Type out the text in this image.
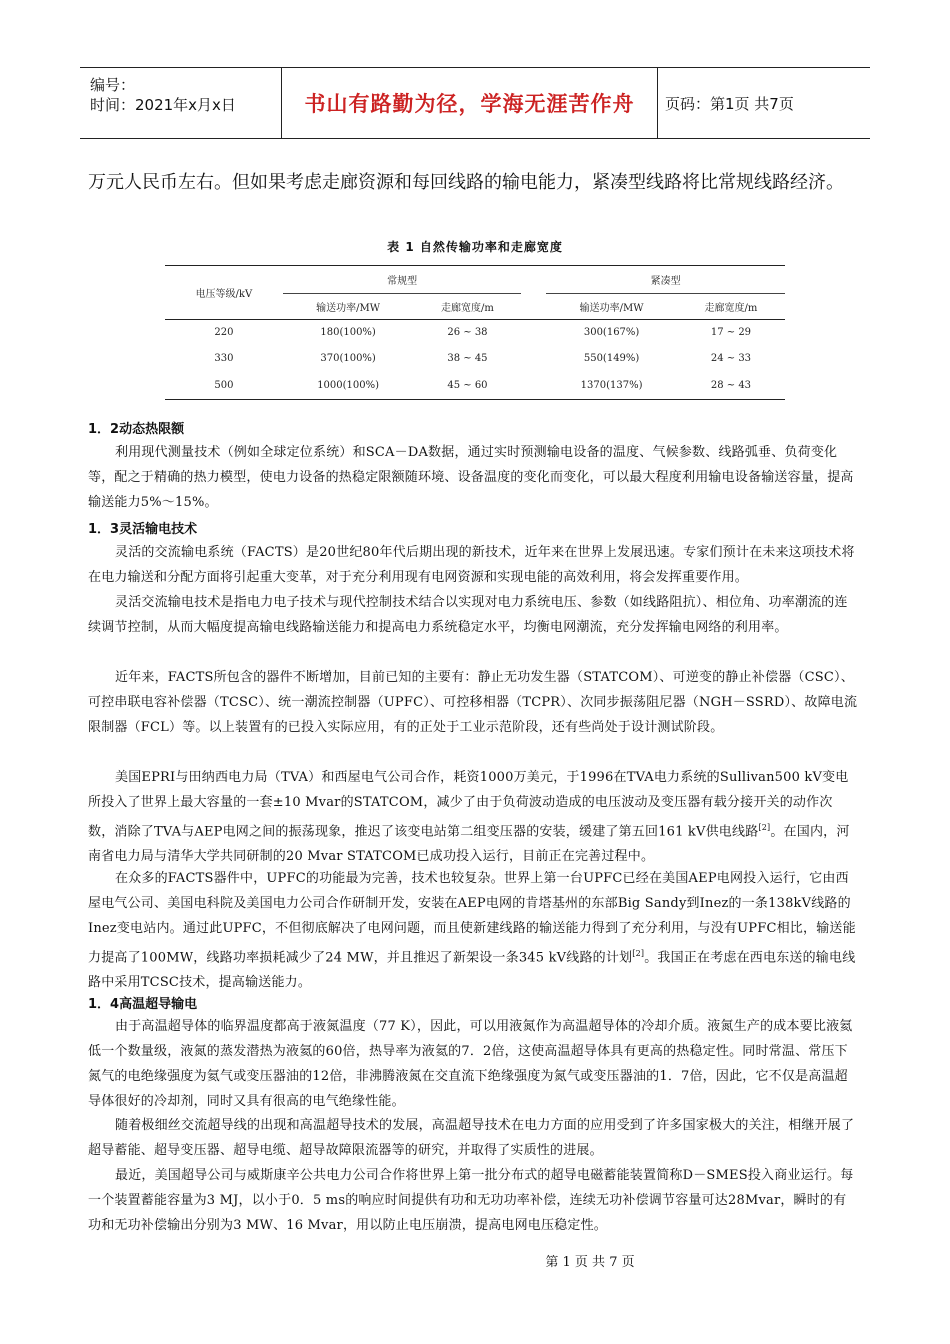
编号：
时间：2021年x月x日	书山有路勤为径，学海无涯苦作舟 页码：第1页 共7页
万元人民币左右。但如果考虑走廊资源和每回线路的输电能力，紧凑型线路将比常规线路经济。
表 1 自然传输功率和走廊宽度
电压等级/kV	常规型			紧凑型	
	输送功率/MW	走廊宽度/m		输送功率/MW	走廊宽度/m
220	180(100%)	26 ~ 38		300(167%)	17 ~ 29
330	370(100%)	38 ~ 45		550(149%)	24 ~ 33
500	1000(100%)	45 ~ 60		1370(137%)	28 ~ 43
1．2动态热限额
利用现代测量技术（例如全球定位系统）和SCA－DA数据，通过实时预测输电设备的温度、气候参数、线路弧垂、负荷变化等，配之于精确的热力模型，使电力设备的热稳定限额随环境、设备温度的变化而变化，可以最大程度利用输电设备输送容量，提高输送能力5%～15%。
1．3灵活输电技术
灵活的交流输电系统（FACTS）是20世纪80年代后期出现的新技术，近年来在世界上发展迅速。专家们预计在未来这项技术将在电力输送和分配方面将引起重大变革，对于充分利用现有电网资源和实现电能的高效利用，将会发挥重要作用。
灵活交流输电技术是指电力电子技术与现代控制技术结合以实现对电力系统电压、参数（如线路阻抗）、相位角、功率潮流的连续调节控制，从而大幅度提高输电线路输送能力和提高电力系统稳定水平，均衡电网潮流，充分发挥输电网络的利用率。
近年来，FACTS所包含的器件不断增加，目前已知的主要有：静止无功发生器（STATCOM）、可逆变的静止补偿器（CSC）、可控串联电容补偿器（TCSC）、统一潮流控制器（UPFC）、可控移相器（TCPR）、次同步振荡阻尼器（NGH－SSRD）、故障电流限制器（FCL）等。以上装置有的已投入实际应用，有的正处于工业示范阶段，还有些尚处于设计测试阶段。
美国EPRI与田纳西电力局（TVA）和西屋电气公司合作，耗资1000万美元，于1996在TVA电力系统的Sullivan500 kV变电所投入了世界上最大容量的一套±10 Mvar的STATCOM，减少了由于负荷波动造成的电压波动及变压器有载分接开关的动作次数，消除了TVA与AEP电网之间的振荡现象，推迟了该变电站第二组变压器的安装，缓建了第五回161 kV供电线路[2]。在国内，河南省电力局与清华大学共同研制的20 Mvar STATCOM已成功投入运行，目前正在完善过程中。
在众多的FACTS器件中，UPFC的功能最为完善，技术也较复杂。世界上第一台UPFC已经在美国AEP电网投入运行，它由西屋电气公司、美国电科院及美国电力公司合作研制开发，安装在AEP电网的肯塔基州的东部Big Sandy到Inez的一条138kV线路的Inez变电站内。通过此UPFC，不但彻底解决了电网问题，而且使新建线路的输送能力得到了充分利用，与没有UPFC相比，输送能力提高了100MW，线路功率损耗减少了24 MW，并且推迟了新架设一条345 kV线路的计划[2]。我国正在考虑在西电东送的输电线路中采用TCSC技术，提高输送能力。
1．4高温超导输电
由于高温超导体的临界温度都高于液氮温度（77 K），因此，可以用液氮作为高温超导体的冷却介质。液氮生产的成本要比液氦低一个数量级，液氮的蒸发潜热为液氦的60倍，热导率为液氦的7．2倍，这使高温超导体具有更高的热稳定性。同时常温、常压下氮气的电绝缘强度为氦气或变压器油的12倍，非沸腾液氮在交直流下绝缘强度为氮气或变压器油的1．7倍，因此，它不仅是高温超导体很好的冷却剂，同时又具有很高的电气绝缘性能。
随着极细丝交流超导线的出现和高温超导技术的发展，高温超导技术在电力方面的应用受到了许多国家极大的关注，相继开展了超导蓄能、超导变压器、超导电缆、超导故障限流器等的研究，并取得了实质性的进展。
最近，美国超导公司与威斯康辛公共电力公司合作将世界上第一批分布式的超导电磁蓄能装置简称D－SMES投入商业运行。每一个装置蓄能容量为3 MJ，以小于0．5 ms的响应时间提供有功和无功功率补偿，连续无功补偿调节容量可达28Mvar，瞬时的有功和无功补偿输出分别为3 MW、16 Mvar，用以防止电压崩溃，提高电网电压稳定性。
第 1 页 共 7 页
